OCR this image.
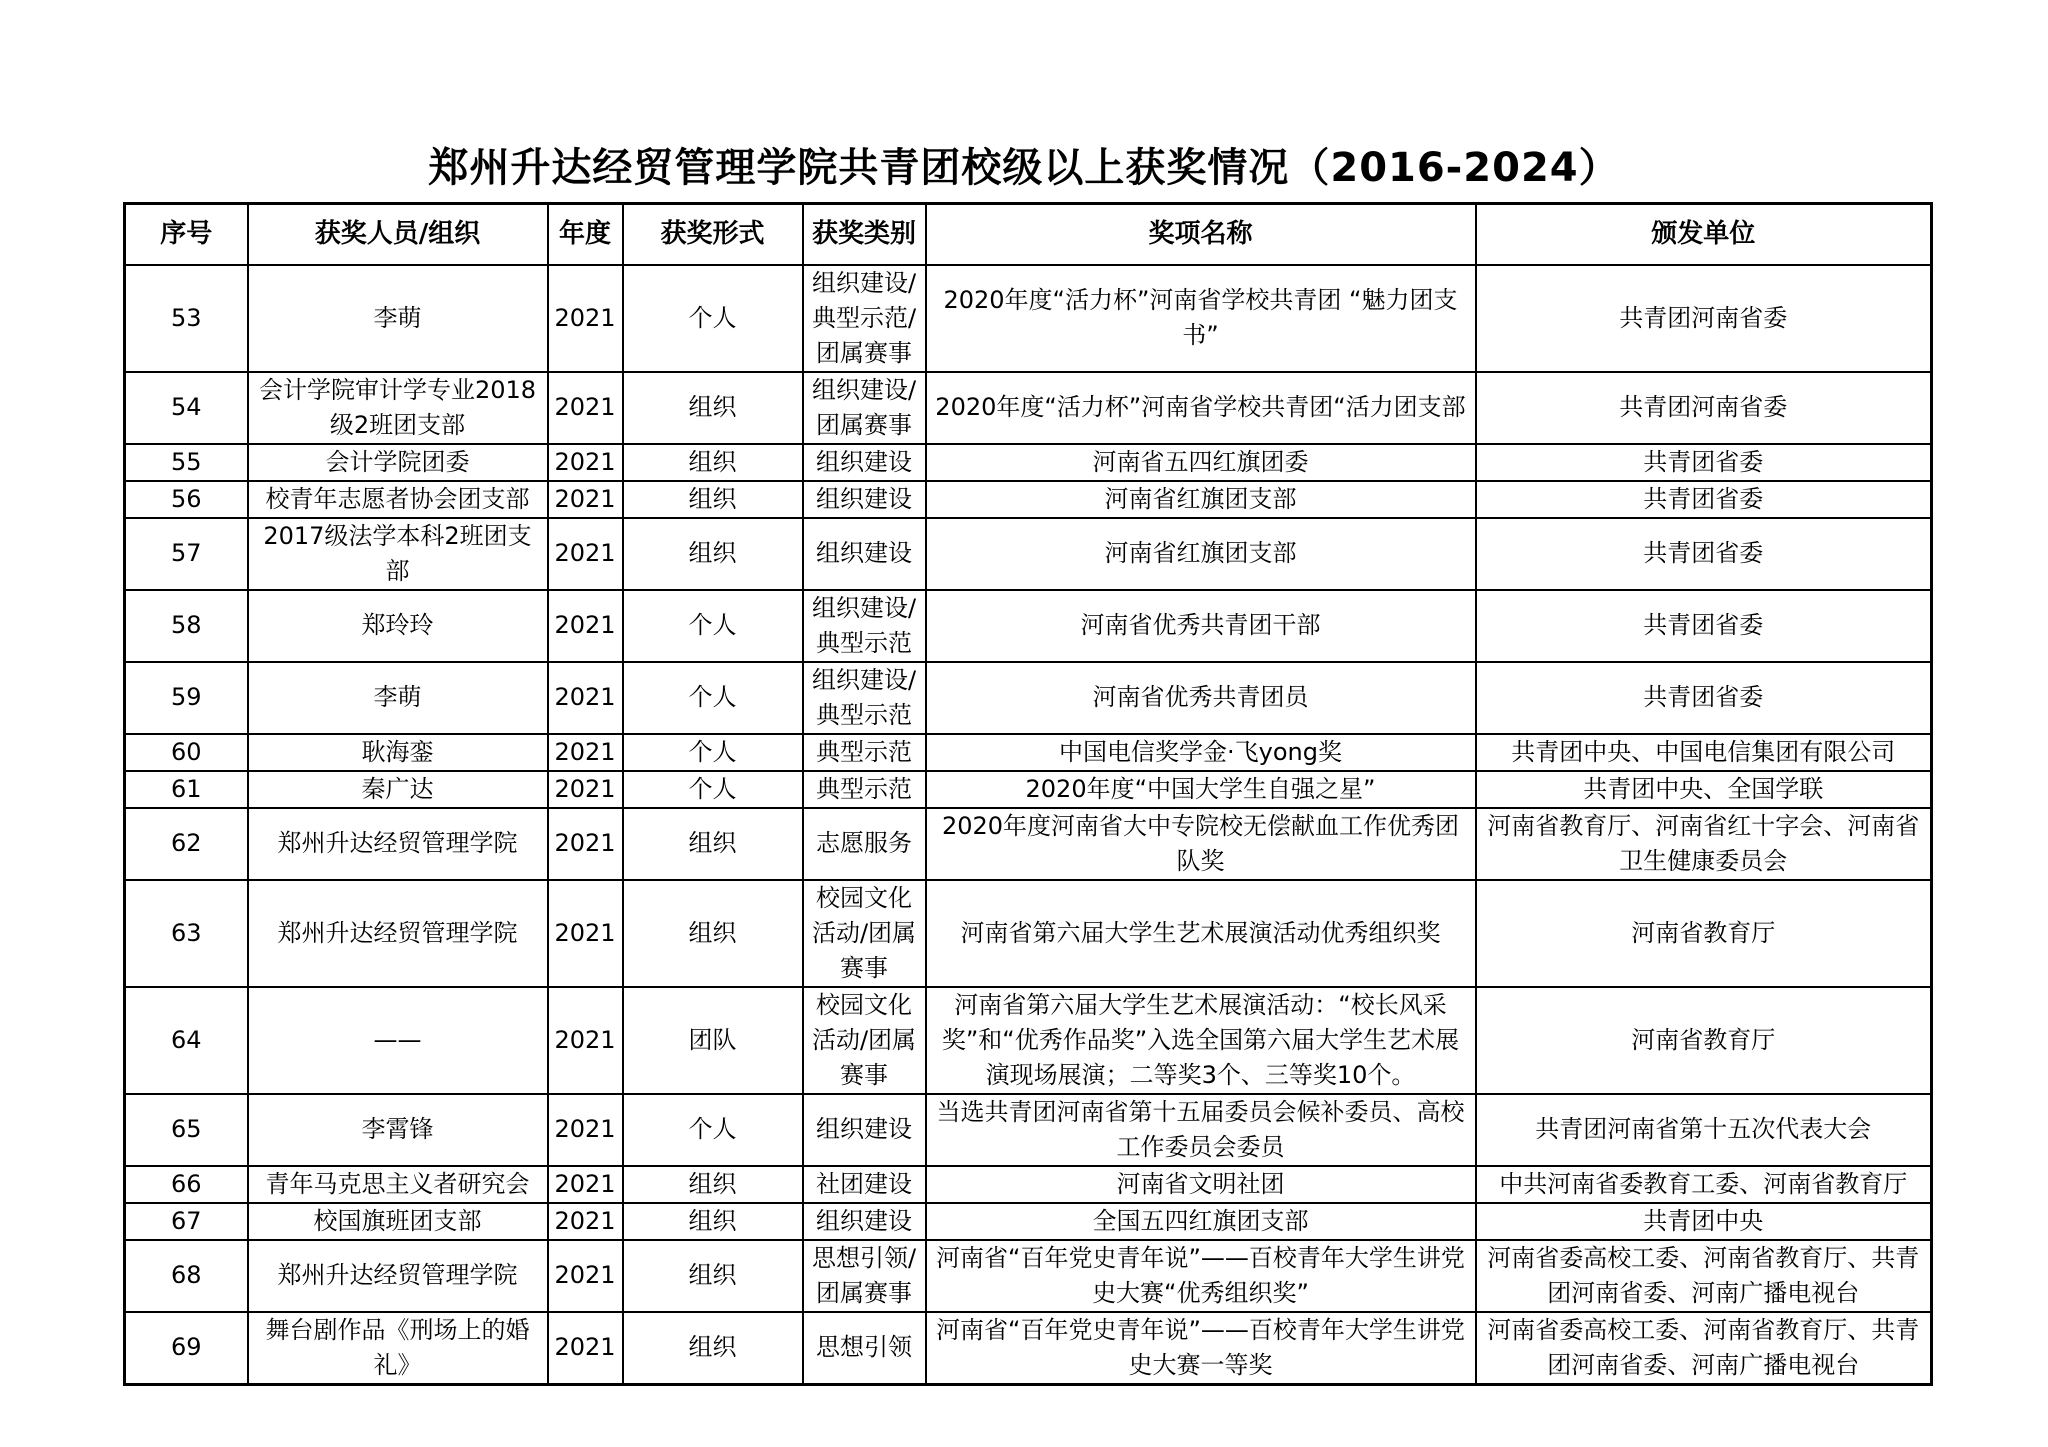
郑州升达经贸管理学院共青团校级以上获奖情况（2016-2024）
序号	获奖人员/组织	年度	获奖形式	获奖类别	奖项名称	颁发单位
53	李萌	2021	个人	组织建设/典型示范/团属赛事	2020年度“活力杯”河南省学校共青团 “魅力团支书”	共青团河南省委
54	会计学院审计学专业2018级2班团支部	2021	组织	组织建设/团属赛事	2020年度“活力杯”河南省学校共青团“活力团支部	共青团河南省委
55	会计学院团委	2021	组织	组织建设	河南省五四红旗团委	共青团省委
56	校青年志愿者协会团支部	2021	组织	组织建设	河南省红旗团支部	共青团省委
57	2017级法学本科2班团支部	2021	组织	组织建设	河南省红旗团支部	共青团省委
58	郑玲玲	2021	个人	组织建设/典型示范	河南省优秀共青团干部	共青团省委
59	李萌	2021	个人	组织建设/典型示范	河南省优秀共青团员	共青团省委
60	耿海銮	2021	个人	典型示范	中国电信奖学金·飞yong奖	共青团中央、中国电信集团有限公司
61	秦广达	2021	个人	典型示范	2020年度“中国大学生自强之星”	共青团中央、全国学联
62	郑州升达经贸管理学院	2021	组织	志愿服务	2020年度河南省大中专院校无偿献血工作优秀团队奖	河南省教育厅、河南省红十字会、河南省卫生健康委员会
63	郑州升达经贸管理学院	2021	组织	校园文化活动/团属赛事	河南省第六届大学生艺术展演活动优秀组织奖	河南省教育厅
64	——	2021	团队	校园文化活动/团属赛事	河南省第六届大学生艺术展演活动：“校长风采奖”和“优秀作品奖”入选全国第六届大学生艺术展演现场展演；二等奖3个、三等奖10个。	河南省教育厅
65	李霄锋	2021	个人	组织建设	当选共青团河南省第十五届委员会候补委员、高校工作委员会委员	共青团河南省第十五次代表大会
66	青年马克思主义者研究会	2021	组织	社团建设	河南省文明社团	中共河南省委教育工委、河南省教育厅
67	校国旗班团支部	2021	组织	组织建设	全国五四红旗团支部	共青团中央
68	郑州升达经贸管理学院	2021	组织	思想引领/团属赛事	河南省“百年党史青年说”——百校青年大学生讲党史大赛“优秀组织奖”	河南省委高校工委、河南省教育厅、共青团河南省委、河南广播电视台
69	舞台剧作品《刑场上的婚礼》	2021	组织	思想引领	河南省“百年党史青年说”——百校青年大学生讲党史大赛一等奖	河南省委高校工委、河南省教育厅、共青团河南省委、河南广播电视台
